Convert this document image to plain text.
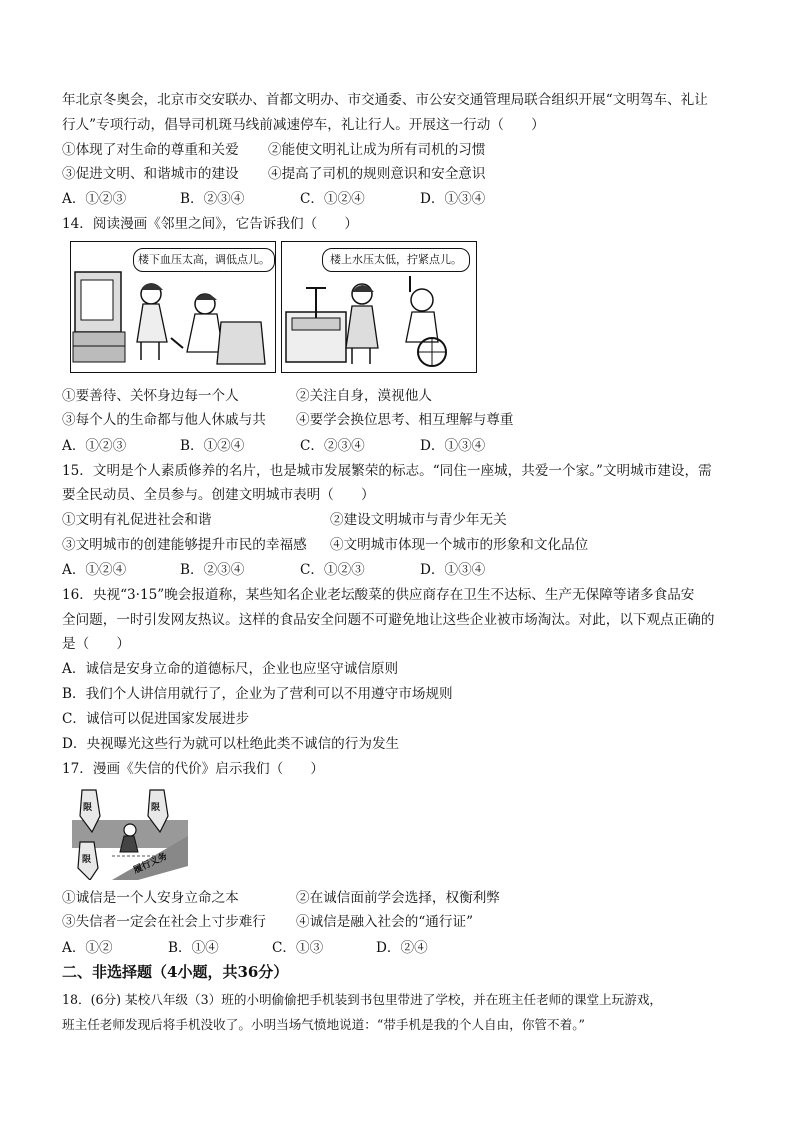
年北京冬奥会，北京市交安联办、首都文明办、市交通委、市公安交通管理局联合组织开展“文明驾车、礼让
行人”专项行动，倡导司机斑马线前减速停车，礼让行人。开展这一行动（　　）
①体现了对生命的尊重和关爱 ②能使文明礼让成为所有司机的习惯
③促进文明、和谐城市的建设 ④提高了司机的规则意识和安全意识
A．①②③	B．②③④	C．①②④	D．①③④
14．阅读漫画《邻里之间》，它告诉我们（　　）
楼下血压太高，调低点儿。	楼上水压太低，拧紧点儿。
①要善待、关怀身边每一个人	②关注自身，漠视他人
③每个人的生命都与他人休戚与共 ④要学会换位思考、相互理解与尊重
A．①②③	B．①②④	C．②③④	D．①③④
15．文明是个人素质修养的名片，也是城市发展繁荣的标志。“同住一座城，共爱一个家。”文明城市建设，需
要全民动员、全员参与。创建文明城市表明（　　）
①文明有礼促进社会和谐	②建设文明城市与青少年无关
③文明城市的创建能够提升市民的幸福感 ④文明城市体现一个城市的形象和文化品位
A．①②④	B．②③④	C．①②③	D．①③④
16．央视“3·15”晚会报道称，某些知名企业老坛酸菜的供应商存在卫生不达标、生产无保障等诸多食品安
全问题，一时引发网友热议。这样的食品安全问题不可避免地让这些企业被市场淘汰。对此，以下观点正确的
是（　　）
A．诚信是安身立命的道德标尺，企业也应坚守诚信原则
B．我们个人讲信用就行了，企业为了营利可以不用遵守市场规则
C．诚信可以促进国家发展进步
D．央视曝光这些行为就可以杜绝此类不诚信的行为发生
17．漫画《失信的代价》启示我们（　　）
限	限
限	履行义务
①诚信是一个人安身立命之本	②在诚信面前学会选择，权衡利弊
③失信者一定会在社会上寸步难行 ④诚信是融入社会的“通行证”
A．①②	B．①④	C．①③	D．②④
二、非选择题（4小题，共36分）
18．(6分) 某校八年级（3）班的小明偷偷把手机装到书包里带进了学校，并在班主任老师的课堂上玩游戏，
班主任老师发现后将手机没收了。小明当场气愤地说道：“带手机是我的个人自由，你管不着。”
